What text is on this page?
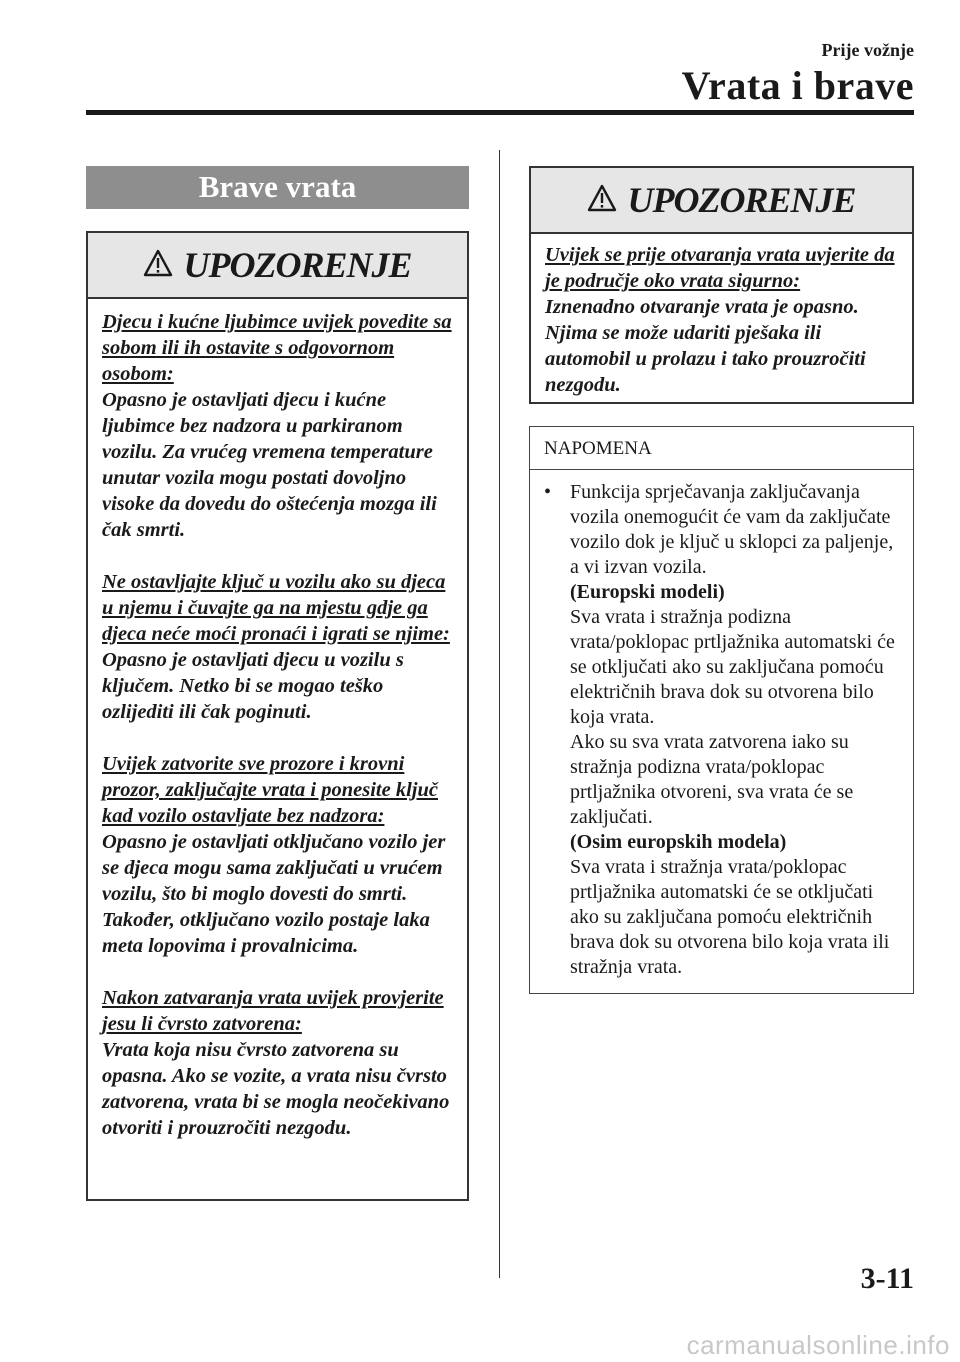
Prije vožnje
Vrata i brave
Brave vrata
UPOZORENJE

Djecu i kućne ljubimce uvijek povedite sa sobom ili ih ostavite s odgovornom osobom:
Opasno je ostavljati djecu i kućne ljubimce bez nadzora u parkiranom vozilu. Za vrućeg vremena temperature unutar vozila mogu postati dovoljno visoke da dovedu do oštećenja mozga ili čak smrti.

Ne ostavljajte ključ u vozilu ako su djeca u njemu i čuvajte ga na mjestu gdje ga djeca neće moći pronaći i igrati se njime:
Opasno je ostavljati djecu u vozilu s ključem. Netko bi se mogao teško ozlijediti ili čak poginuti.

Uvijek zatvorite sve prozore i krovni prozor, zaključajte vrata i ponesite ključ kad vozilo ostavljate bez nadzora:
Opasno je ostavljati otključano vozilo jer se djeca mogu sama zaključati u vrućem vozilu, što bi moglo dovesti do smrti. Također, otključano vozilo postaje laka meta lopovima i provalnicima.

Nakon zatvaranja vrata uvijek provjerite jesu li čvrsto zatvorena:
Vrata koja nisu čvrsto zatvorena su opasna. Ako se vozite, a vrata nisu čvrsto zatvorena, vrata bi se mogla neočekivano otvoriti i prouzročiti nezgodu.

UPOZORENJE

Uvijek se prije otvaranja vrata uvjerite da je područje oko vrata sigurno:
Iznenadno otvaranje vrata je opasno. Njima se može udariti pješaka ili automobil u prolazu i tako prouzročiti nezgodu.

NAPOMENA
• Funkcija sprječavanja zaključavanja vozila onemogućit će vam da zaključate vozilo dok je ključ u sklopci za paljenje, a vi izvan vozila.
(Europski modeli)
Sva vrata i stražnja podizna vrata/poklopac prtljažnika automatski će se otključati ako su zaključana pomoću električnih brava dok su otvorena bilo koja vrata.
Ako su sva vrata zatvorena iako su stražnja podizna vrata/poklopac prtljažnika otvoreni, sva vrata će se zaključati.
(Osim europskih modela)
Sva vrata i stražnja vrata/poklopac prtljažnika automatski će se otključati ako su zaključana pomoću električnih brava dok su otvorena bilo koja vrata ili stražnja vrata.
3-11
carmanualsonline.info
